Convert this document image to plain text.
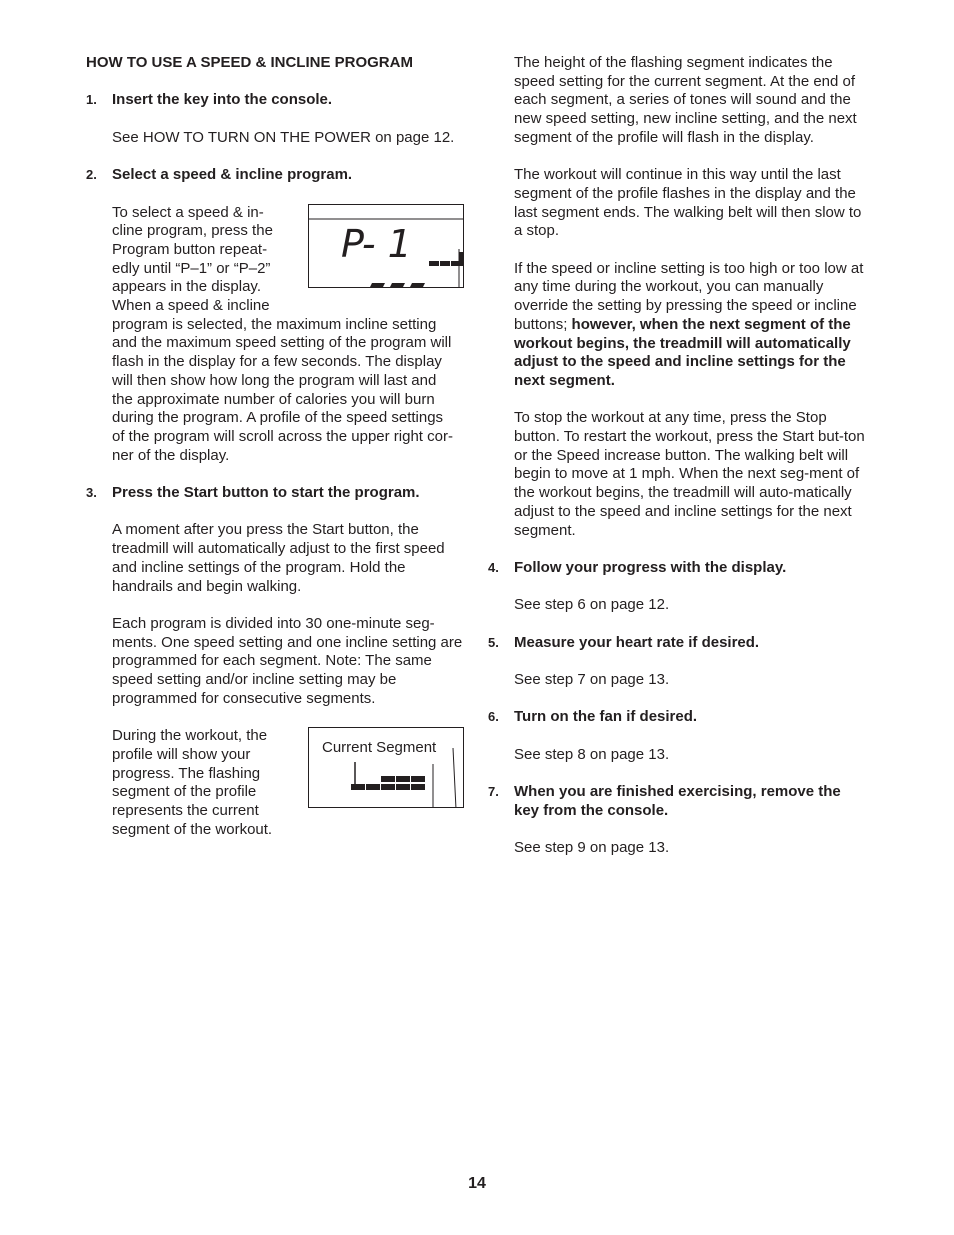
HOW TO USE A SPEED & INCLINE PROGRAM

1. Insert the key into the console.

See HOW TO TURN ON THE POWER on page 12.

2. Select a speed & incline program.
P- 1

To select a speed & in-

cline program, press the

Program button repeat-

edly until “P–1” or “P–2”

appears in the display.

When a speed & incline

program is selected, the maximum incline setting

and the maximum speed setting of the program will

flash in the display for a few seconds. The display

will then show how long the program will last and

the approximate number of calories you will burn

during the program. A profile of the speed settings

of the program will scroll across the upper right cor-

ner of the display.

3. Press the Start button to start the program.

A moment after you press the Start button, the treadmill will automatically adjust to the first speed and incline settings of the program. Hold the handrails and begin walking.

Each program is divided into 30 one-minute seg-ments. One speed setting and one incline setting are programmed for each segment. Note: The same speed setting and/or incline setting may be programmed for consecutive segments.

Current Segment

During the workout, the

profile will show your

progress. The flashing

segment of the profile

represents the current

segment of the workout.

The height of the flashing segment indicates the speed setting for the current segment. At the end of each segment, a series of tones will sound and the new speed setting, new incline setting, and the next segment of the profile will flash in the display.

The workout will continue in this way until the last segment of the profile flashes in the display and the last segment ends. The walking belt will then slow to a stop.

If the speed or incline setting is too high or too low at any time during the workout, you can manually override the setting by pressing the speed or incline buttons; however, when the next segment of the workout begins, the treadmill will automatically adjust to the speed and incline settings for the next segment.

To stop the workout at any time, press the Stop button. To restart the workout, press the Start but-ton or the Speed increase button. The walking belt will begin to move at 1 mph. When the next seg-ment of the workout begins, the treadmill will auto-matically adjust to the speed and incline settings for the next segment.

4. Follow your progress with the display.

See step 6 on page 12.

5. Measure your heart rate if desired.

See step 7 on page 13.

6. Turn on the fan if desired.

See step 8 on page 13.

7. When you are finished exercising, remove the key from the console.

See step 9 on page 13.

14
